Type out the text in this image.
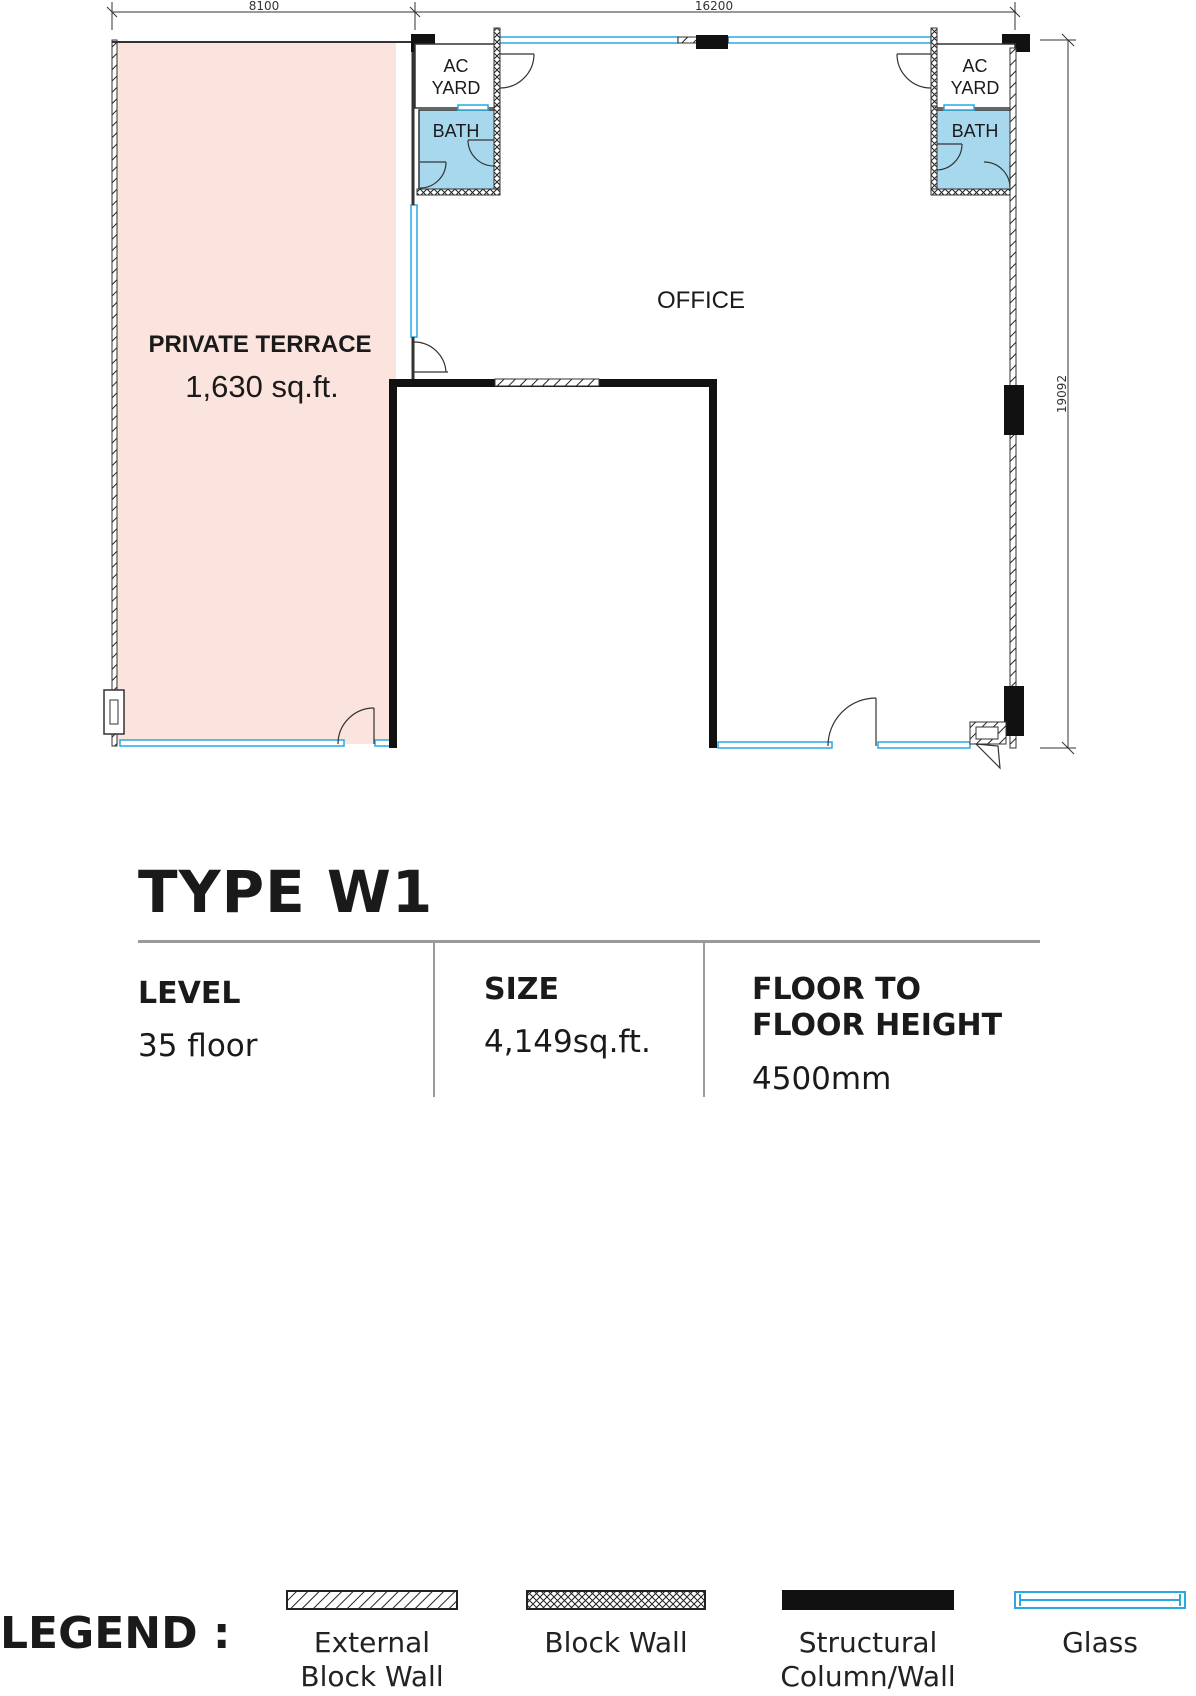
8100	16200
19092
AC
YARD
BATH
AC
YARD
BATH
OFFICE
PRIVATE TERRACE
1,630 sq.ft.
TYPE W1

LEVEL

35 floor

SIZE

4,149sq.ft.

FLOOR TO
FLOOR HEIGHT

4500mm

LEGEND :	External
Block Wall
Block Wall	Structural
Column/Wall
Glass
